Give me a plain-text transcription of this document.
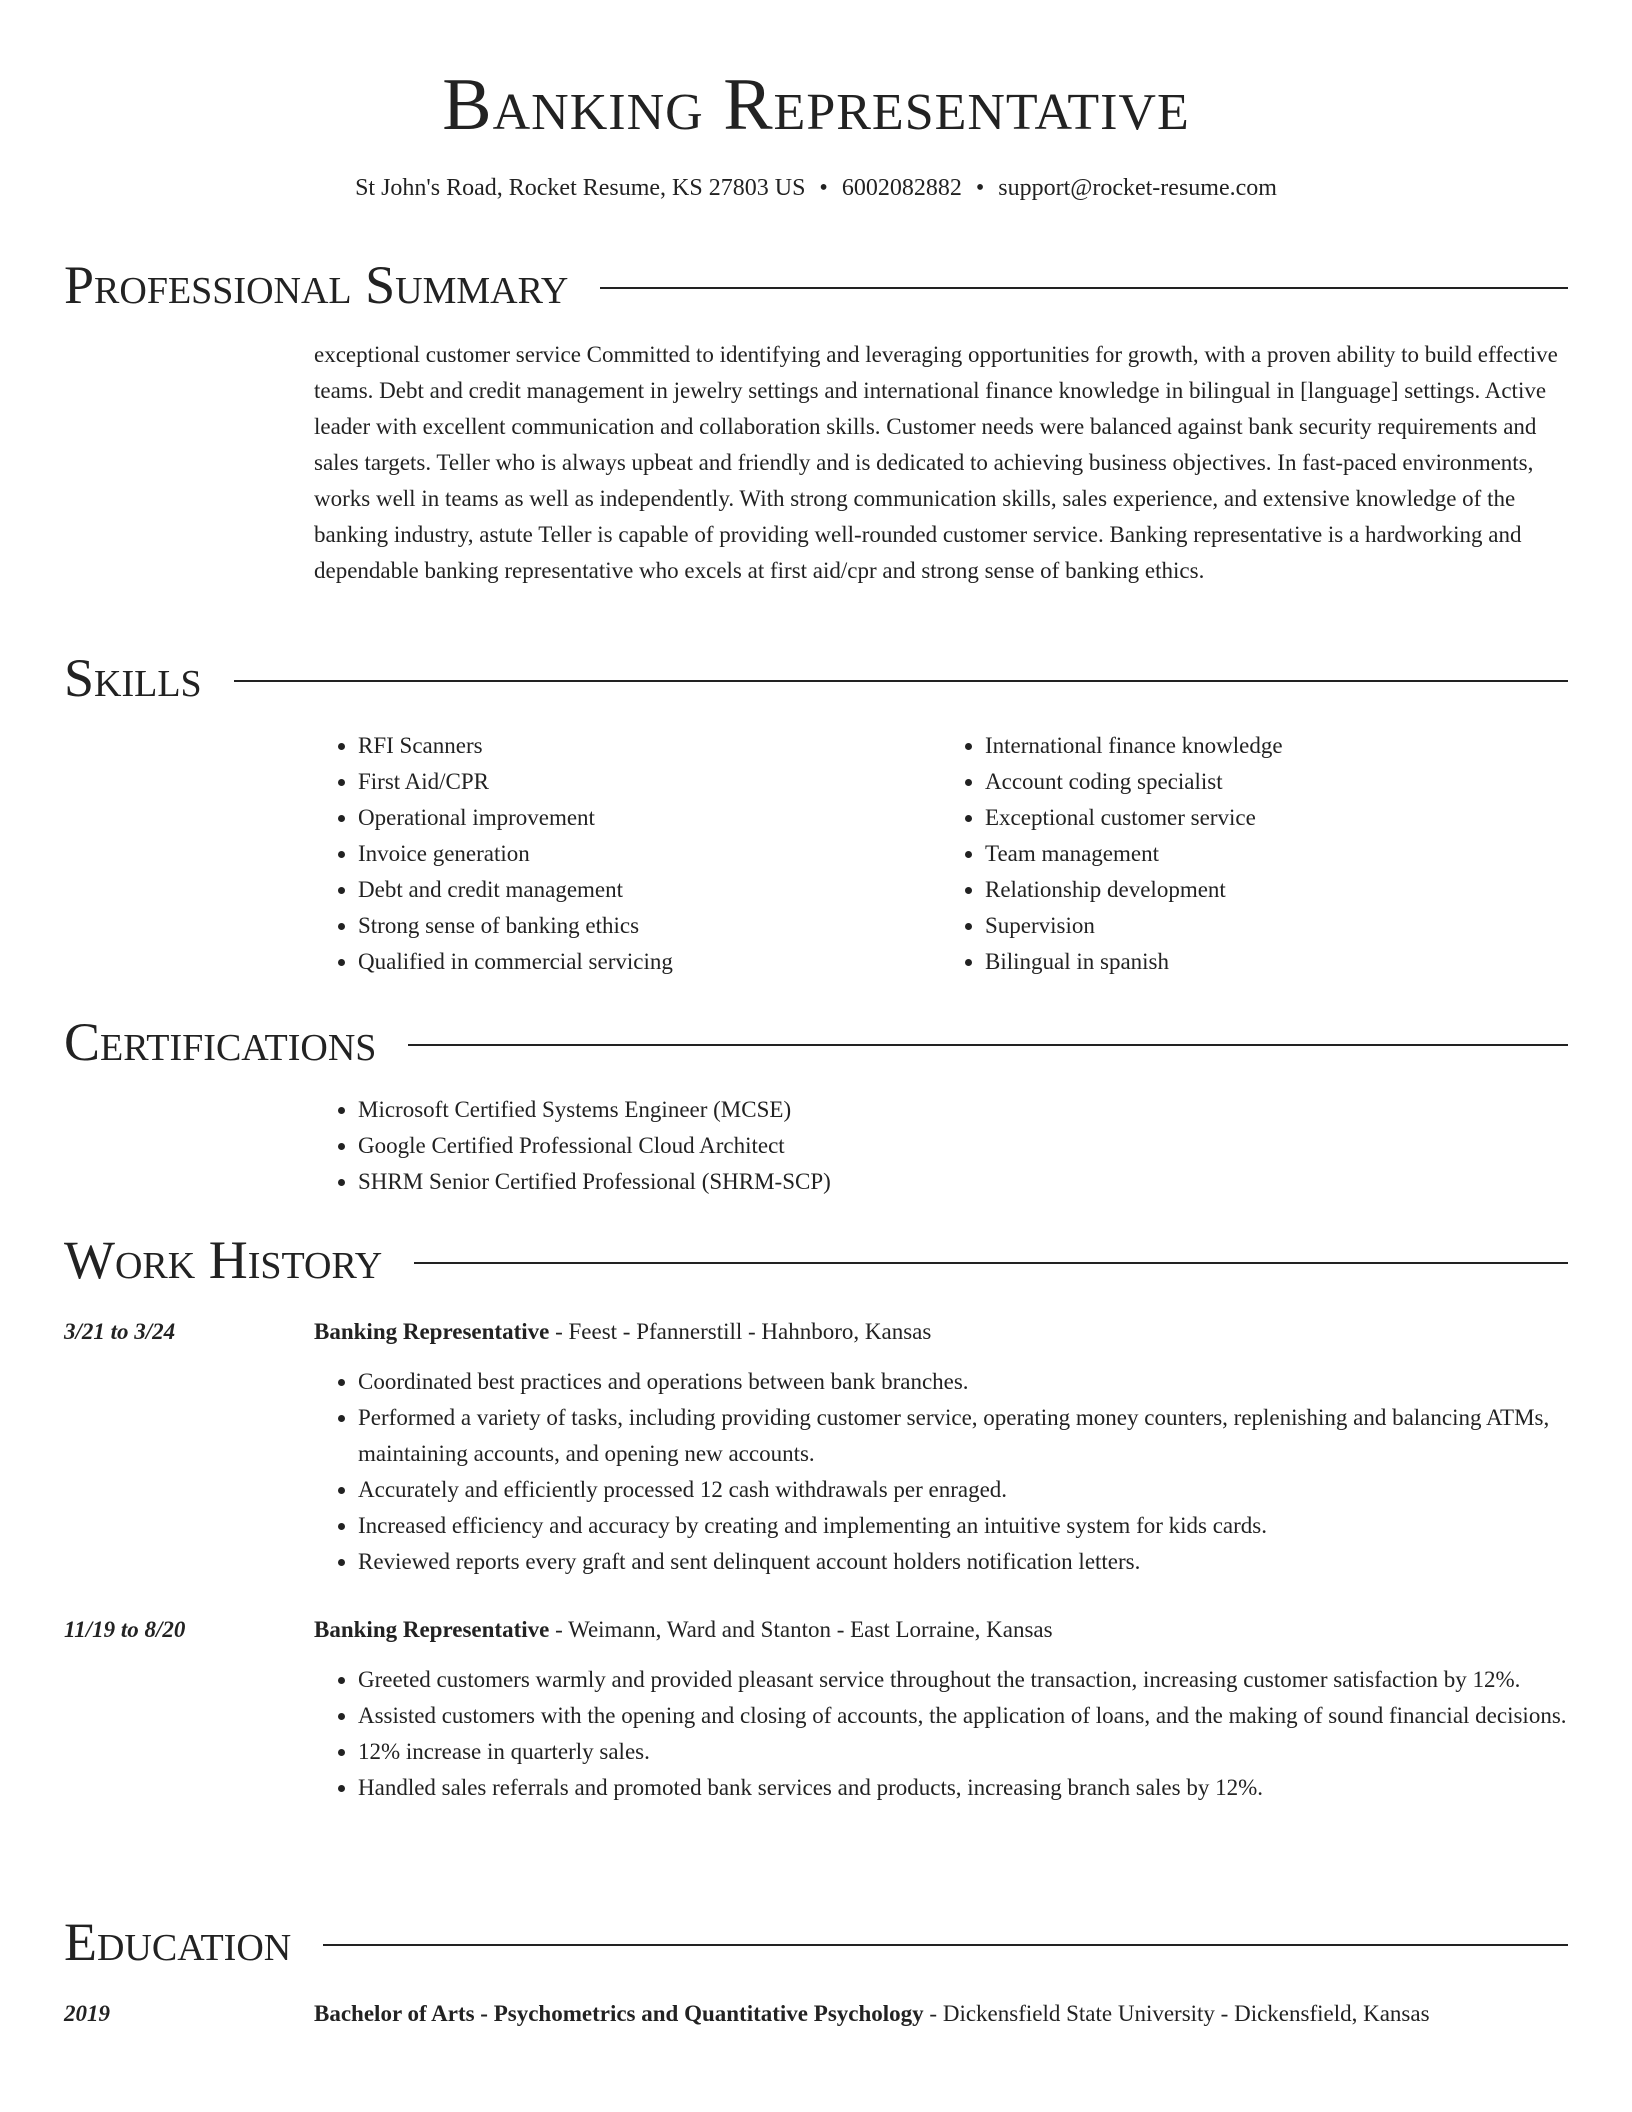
Banking Representative
St John's Road, Rocket Resume, KS 27803 US • 6002082882 • support@rocket-resume.com
Professional Summary

exceptional customer service Committed to identifying and leveraging opportunities for growth, with a proven ability to build effective teams. Debt and credit management in jewelry settings and international finance knowledge in bilingual in [language] settings. Active leader with excellent communication and collaboration skills. Customer needs were balanced against bank security requirements and sales targets. Teller who is always upbeat and friendly and is dedicated to achieving business objectives. In fast-paced environments, works well in teams as well as independently. With strong communication skills, sales experience, and extensive knowledge of the banking industry, astute Teller is capable of providing well-rounded customer service. Banking representative is a hardworking and dependable banking representative who excels at first aid/cpr and strong sense of banking ethics.

Skills
• RFI Scanners
• First Aid/CPR
• Operational improvement
• Invoice generation
• Debt and credit management
• Strong sense of banking ethics
• Qualified in commercial servicing
• International finance knowledge
• Account coding specialist
• Exceptional customer service
• Team management
• Relationship development
• Supervision
• Bilingual in spanish
Certifications
• Microsoft Certified Systems Engineer (MCSE)
• Google Certified Professional Cloud Architect
• SHRM Senior Certified Professional (SHRM-SCP)
Work History
3/21 to 3/24	Banking Representative - Feest - Pfannerstill - Hahnboro, Kansas
• Coordinated best practices and operations between bank branches.
• Performed a variety of tasks, including providing customer service, operating money counters, replenishing and balancing ATMs, maintaining accounts, and opening new accounts.
• Accurately and efficiently processed 12 cash withdrawals per enraged.
• Increased efficiency and accuracy by creating and implementing an intuitive system for kids cards.
• Reviewed reports every graft and sent delinquent account holders notification letters.
11/19 to 8/20	Banking Representative - Weimann, Ward and Stanton - East Lorraine, Kansas
• Greeted customers warmly and provided pleasant service throughout the transaction, increasing customer satisfaction by 12%.
• Assisted customers with the opening and closing of accounts, the application of loans, and the making of sound financial decisions.
• 12% increase in quarterly sales.
• Handled sales referrals and promoted bank services and products, increasing branch sales by 12%.
Education
2019	Bachelor of Arts - Psychometrics and Quantitative Psychology - Dickensfield State University - Dickensfield, Kansas
